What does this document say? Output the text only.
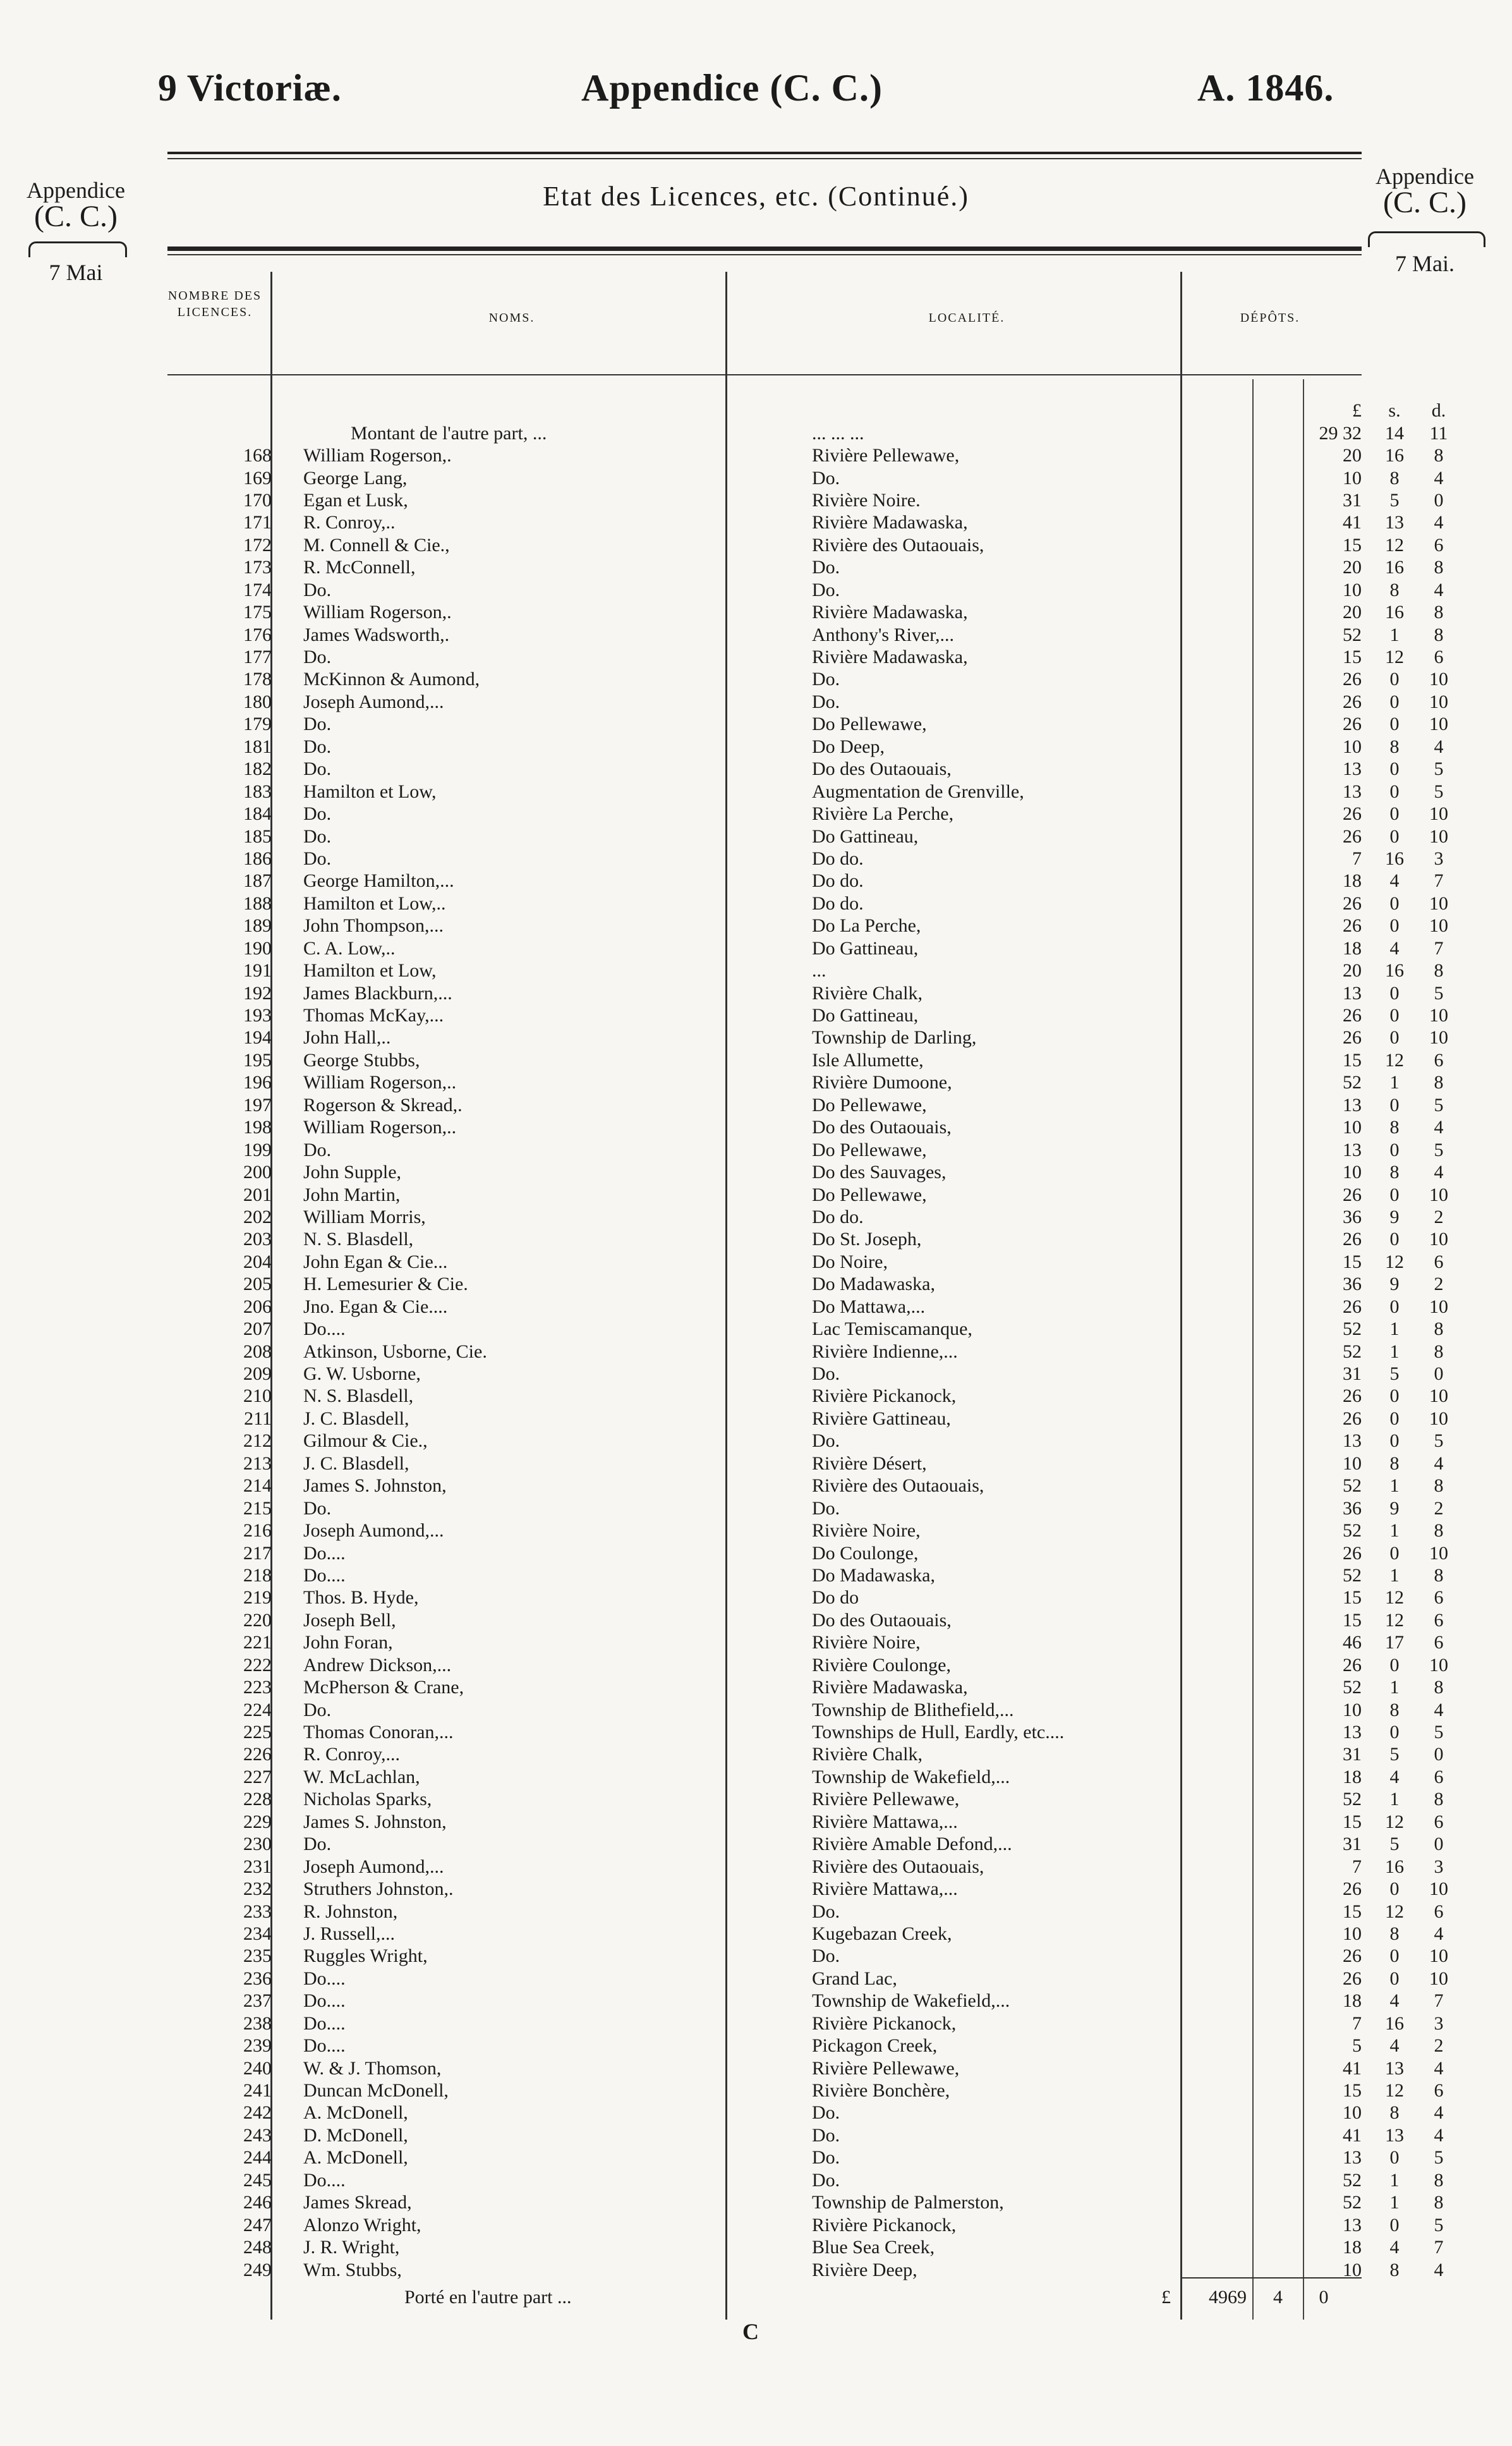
9 Victoriæ.	Appendice (C. C.)	A. 1846.
Appendice
(C. C.)
7 Mai
Appendice
(C. C.)
7 Mai.
Etat des Licences, etc. (Continué.)
NOMBRE DES LICENCES.	NOMS.	LOCALITÉ.	DÉPÔTS.
			£	s.	d.
	Montant de l'autre part, ...	... ... ...	29 32	14	11
168	William Rogerson,.	Rivière Pellewawe,	20	16	8
169	George Lang,	Do.	10	8	4
170	Egan et Lusk,	Rivière Noire.	31	5	0
171	R. Conroy,..	Rivière Madawaska,	41	13	4
172	M. Connell & Cie.,	Rivière des Outaouais,	15	12	6
173	R. McConnell,	Do.	20	16	8
174	Do.	Do.	10	8	4
175	William Rogerson,.	Rivière Madawaska,	20	16	8
176	James Wadsworth,.	Anthony's River,...	52	1	8
177	Do.	Rivière Madawaska,	15	12	6
178	McKinnon & Aumond,	Do.	26	0	10
180	Joseph Aumond,...	Do.	26	0	10
179	Do.	Do Pellewawe,	26	0	10
181	Do.	Do Deep,	10	8	4
182	Do.	Do des Outaouais,	13	0	5
183	Hamilton et Low,	Augmentation de Grenville,	13	0	5
184	Do.	Rivière La Perche,	26	0	10
185	Do.	Do Gattineau,	26	0	10
186	Do.	Do do.	7	16	3
187	George Hamilton,...	Do do.	18	4	7
188	Hamilton et Low,..	Do do.	26	0	10
189	John Thompson,...	Do La Perche,	26	0	10
190	C. A. Low,..	Do Gattineau,	18	4	7
191	Hamilton et Low,	...	20	16	8
192	James Blackburn,...	Rivière Chalk,	13	0	5
193	Thomas McKay,...	Do Gattineau,	26	0	10
194	John Hall,..	Township de Darling,	26	0	10
195	George Stubbs,	Isle Allumette,	15	12	6
196	William Rogerson,..	Rivière Dumoone,	52	1	8
197	Rogerson & Skread,.	Do Pellewawe,	13	0	5
198	William Rogerson,..	Do des Outaouais,	10	8	4
199	Do.	Do Pellewawe,	13	0	5
200	John Supple,	Do des Sauvages,	10	8	4
201	John Martin,	Do Pellewawe,	26	0	10
202	William Morris,	Do do.	36	9	2
203	N. S. Blasdell,	Do St. Joseph,	26	0	10
204	John Egan & Cie...	Do Noire,	15	12	6
205	H. Lemesurier & Cie.	Do Madawaska,	36	9	2
206	Jno. Egan & Cie....	Do Mattawa,...	26	0	10
207	Do....	Lac Temiscamanque,	52	1	8
208	Atkinson, Usborne, Cie.	Rivière Indienne,...	52	1	8
209	G. W. Usborne,	Do.	31	5	0
210	N. S. Blasdell,	Rivière Pickanock,	26	0	10
211	J. C. Blasdell,	Rivière Gattineau,	26	0	10
212	Gilmour & Cie.,	Do.	13	0	5
213	J. C. Blasdell,	Rivière Désert,	10	8	4
214	James S. Johnston,	Rivière des Outaouais,	52	1	8
215	Do.	Do.	36	9	2
216	Joseph Aumond,...	Rivière Noire,	52	1	8
217	Do....	Do Coulonge,	26	0	10
218	Do....	Do Madawaska,	52	1	8
219	Thos. B. Hyde,	Do do	15	12	6
220	Joseph Bell,	Do des Outaouais,	15	12	6
221	John Foran,	Rivière Noire,	46	17	6
222	Andrew Dickson,...	Rivière Coulonge,	26	0	10
223	McPherson & Crane,	Rivière Madawaska,	52	1	8
224	Do.	Township de Blithefield,...	10	8	4
225	Thomas Conoran,...	Townships de Hull, Eardly, etc....	13	0	5
226	R. Conroy,...	Rivière Chalk,	31	5	0
227	W. McLachlan,	Township de Wakefield,...	18	4	6
228	Nicholas Sparks,	Rivière Pellewawe,	52	1	8
229	James S. Johnston,	Rivière Mattawa,...	15	12	6
230	Do.	Rivière Amable Defond,...	31	5	0
231	Joseph Aumond,...	Rivière des Outaouais,	7	16	3
232	Struthers Johnston,.	Rivière Mattawa,...	26	0	10
233	R. Johnston,	Do.	15	12	6
234	J. Russell,...	Kugebazan Creek,	10	8	4
235	Ruggles Wright,	Do.	26	0	10
236	Do....	Grand Lac,	26	0	10
237	Do....	Township de Wakefield,...	18	4	7
238	Do....	Rivière Pickanock,	7	16	3
239	Do....	Pickagon Creek,	5	4	2
240	W. & J. Thomson,	Rivière Pellewawe,	41	13	4
241	Duncan McDonell,	Rivière Bonchère,	15	12	6
242	A. McDonell,	Do.	10	8	4
243	D. McDonell,	Do.	41	13	4
244	A. McDonell,	Do.	13	0	5
245	Do....	Do.	52	1	8
246	James Skread,	Township de Palmerston,	52	1	8
247	Alonzo Wright,	Rivière Pickanock,	13	0	5
248	J. R. Wright,	Blue Sea Creek,	18	4	7
249	Wm. Stubbs,	Rivière Deep,	10	8	4
Porté en l'autre part ...	£	4969	4	0
C
